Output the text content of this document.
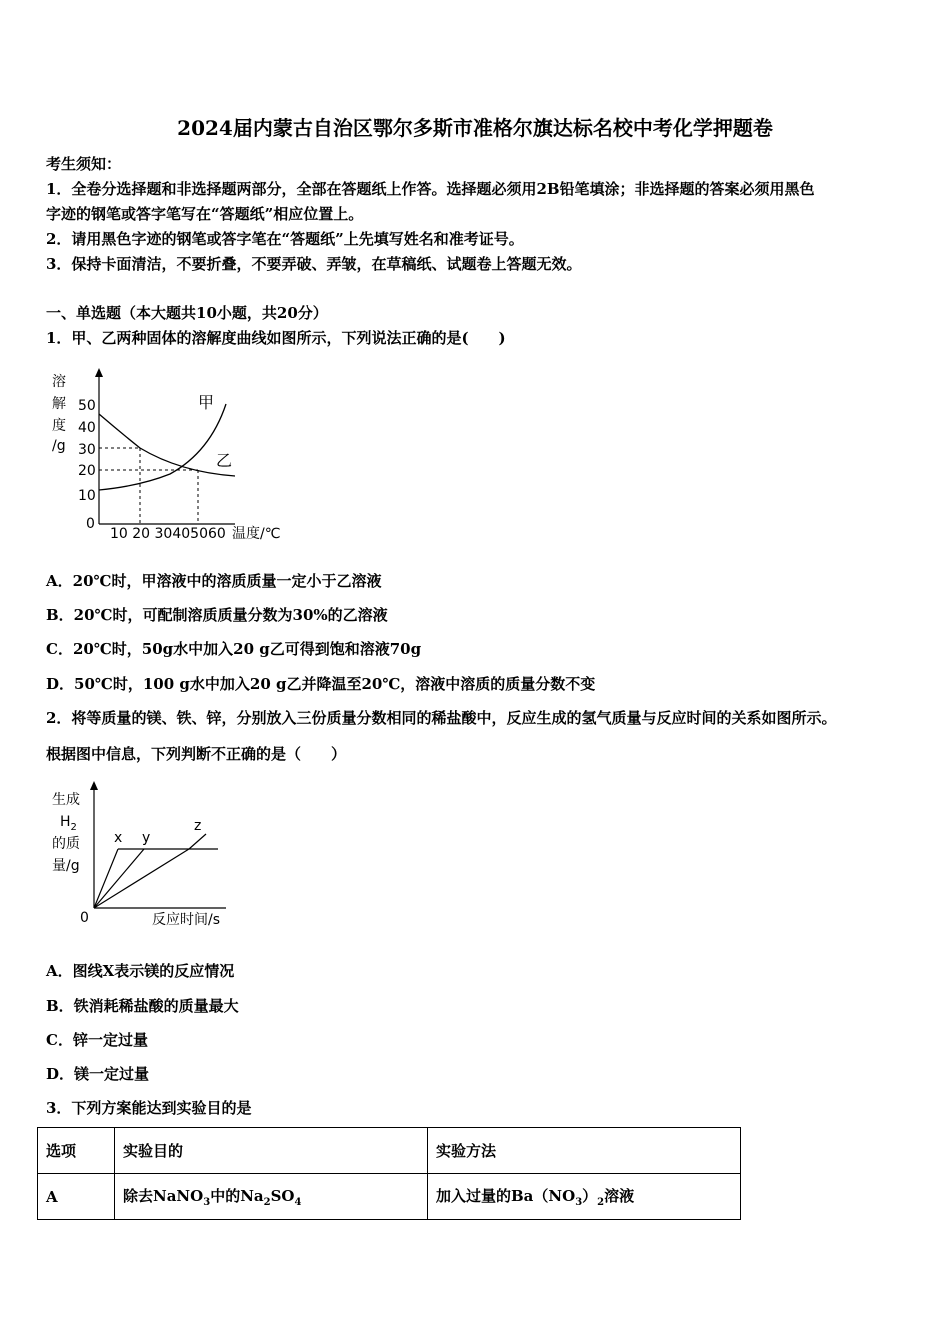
2024届内蒙古自治区鄂尔多斯市准格尔旗达标名校中考化学押题卷
考生须知：
1．全卷分选择题和非选择题两部分，全部在答题纸上作答。选择题必须用2B铅笔填涂；非选择题的答案必须用黑色
字迹的钢笔或答字笔写在“答题纸”相应位置上。
2．请用黑色字迹的钢笔或答字笔在“答题纸”上先填写姓名和准考证号。
3．保持卡面清洁，不要折叠，不要弄破、弄皱，在草稿纸、试题卷上答题无效。
一、单选题（本大题共10小题，共20分）
1．甲、乙两种固体的溶解度曲线如图所示，下列说法正确的是(　　)
溶
解
度
/g
50
40
30
20
10
0
10 20 30405060 温度/℃
甲
乙
A．20℃时，甲溶液中的溶质质量一定小于乙溶液
B．20℃时，可配制溶质质量分数为30%的乙溶液
C．20℃时，50g水中加入20 g乙可得到饱和溶液70g
D．50℃时，100 g水中加入20 g乙并降温至20℃，溶液中溶质的质量分数不变
2．将等质量的镁、铁、锌，分别放入三份质量分数相同的稀盐酸中，反应生成的氢气质量与反应时间的关系如图所示。
根据图中信息，下列判断不正确的是（　　）
生成
$H_2$
的质
量/g
0	反应时间/s
x y
z
A．图线X表示镁的反应情况
B．铁消耗稀盐酸的质量最大
C．锌一定过量
D．镁一定过量
3．下列方案能达到实验目的是
选项	实验目的	实验方法
A	除去NaNO$_3$中的$Na_2SO_4$	加入过量的$Ba(NO_3)_2$溶液
